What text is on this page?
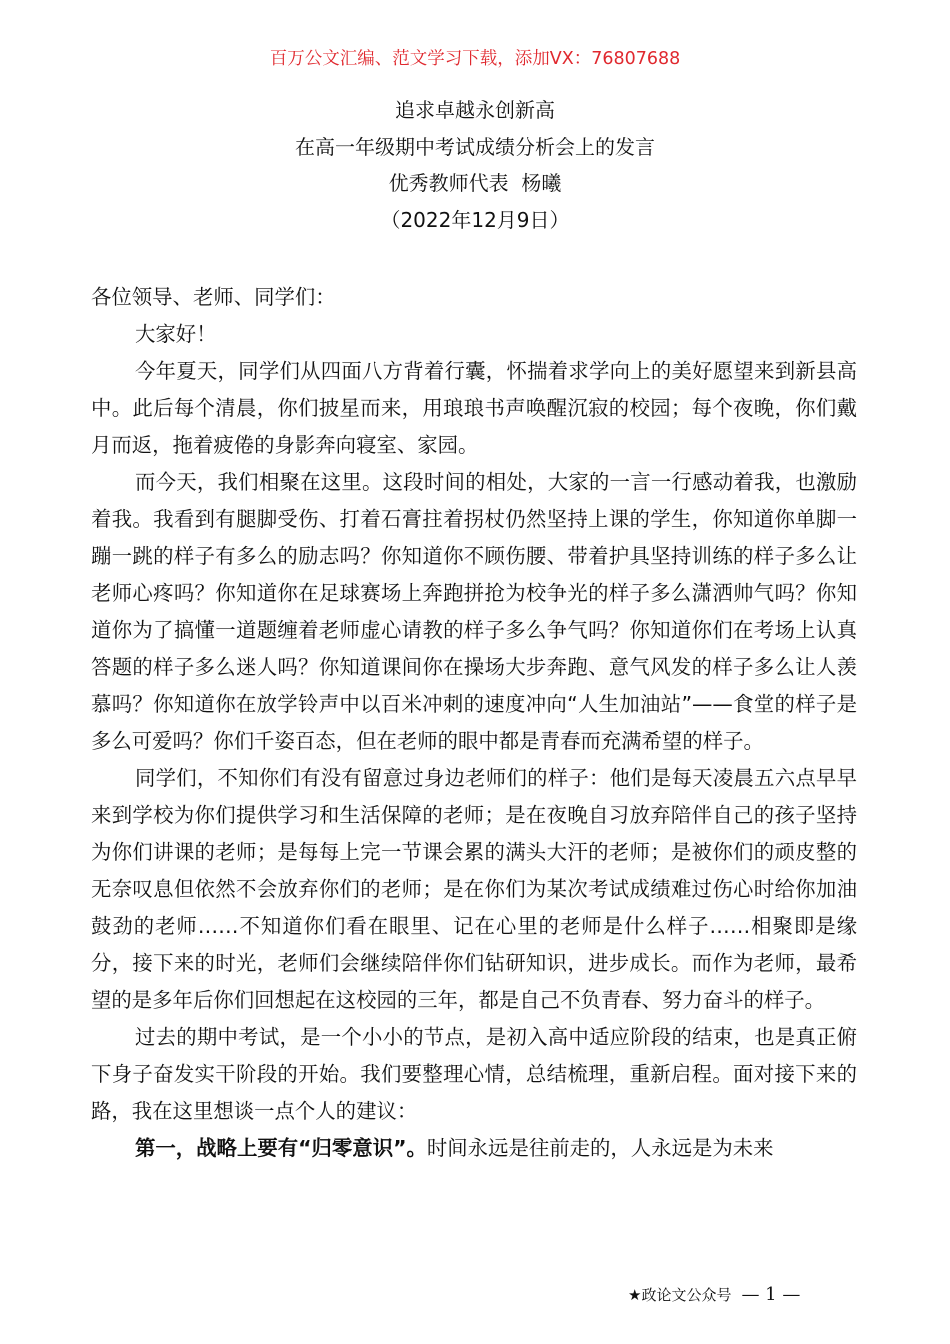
百万公文汇编、范文学习下载，添加VX：76807688
追求卓越永创新高
在高一年级期中考试成绩分析会上的发言
优秀教师代表  杨曦
（2022年12月9日）

各位领导、老师、同学们：

大家好！

今年夏天，同学们从四面八方背着行囊，怀揣着求学向上的美好愿望来到新县高中。此后每个清晨，你们披星而来，用琅琅书声唤醒沉寂的校园；每个夜晚，你们戴月而返，拖着疲倦的身影奔向寝室、家园。

而今天，我们相聚在这里。这段时间的相处，大家的一言一行感动着我，也激励着我。我看到有腿脚受伤、打着石膏拄着拐杖仍然坚持上课的学生，你知道你单脚一蹦一跳的样子有多么的励志吗？你知道你不顾伤腰、带着护具坚持训练的样子多么让老师心疼吗？你知道你在足球赛场上奔跑拼抢为校争光的样子多么潇洒帅气吗？你知道你为了搞懂一道题缠着老师虚心请教的样子多么争气吗？你知道你们在考场上认真答题的样子多么迷人吗？你知道课间你在操场大步奔跑、意气风发的样子多么让人羡慕吗？你知道你在放学铃声中以百米冲刺的速度冲向“人生加油站”——食堂的样子是多么可爱吗？你们千姿百态，但在老师的眼中都是青春而充满希望的样子。

同学们，不知你们有没有留意过身边老师们的样子：他们是每天凌晨五六点早早来到学校为你们提供学习和生活保障的老师；是在夜晚自习放弃陪伴自己的孩子坚持为你们讲课的老师；是每每上完一节课会累的满头大汗的老师；是被你们的顽皮整的无奈叹息但依然不会放弃你们的老师；是在你们为某次考试成绩难过伤心时给你加油鼓劲的老师……不知道你们看在眼里、记在心里的老师是什么样子……相聚即是缘分，接下来的时光，老师们会继续陪伴你们钻研知识，进步成长。而作为老师，最希望的是多年后你们回想起在这校园的三年，都是自己不负青春、努力奋斗的样子。

过去的期中考试，是一个小小的节点，是初入高中适应阶段的结束，也是真正俯下身子奋发实干阶段的开始。我们要整理心情，总结梳理，重新启程。面对接下来的路，我在这里想谈一点个人的建议：

第一，战略上要有“归零意识”。时间永远是往前走的，人永远是为未来

★政论文公众号 — 1 —
